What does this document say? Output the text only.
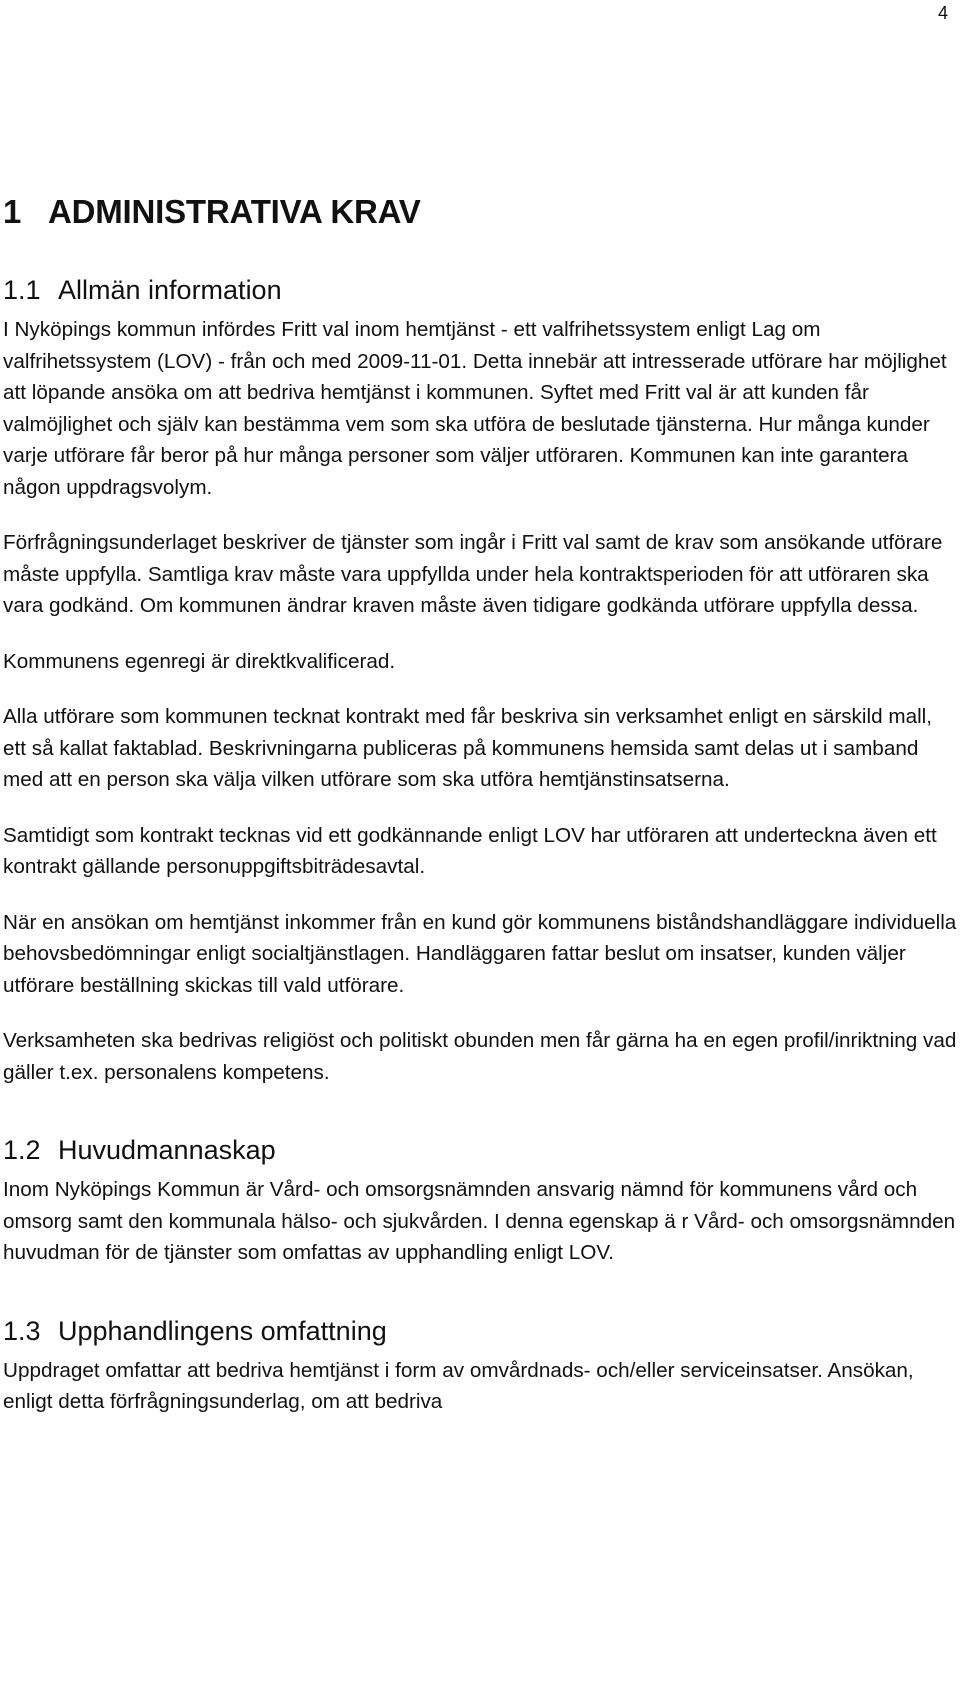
4
1 ADMINISTRATIVA KRAV
1.1 Allmän information

I Nyköpings kommun infördes Fritt val inom hemtjänst - ett valfrihetssystem enligt Lag om valfrihetssystem (LOV) - från och med 2009-11-01. Detta innebär att intresserade utförare har möjlighet att löpande ansöka om att bedriva hemtjänst i kommunen. Syftet med Fritt val är att kunden får valmöjlighet och själv kan bestämma vem som ska utföra de beslutade tjänsterna. Hur många kunder varje utförare får beror på hur många personer som väljer utföraren. Kommunen kan inte garantera någon uppdragsvolym.

Förfrågningsunderlaget beskriver de tjänster som ingår i Fritt val samt de krav som ansökande utförare måste uppfylla. Samtliga krav måste vara uppfyllda under hela kontraktsperioden för att utföraren ska vara godkänd. Om kommunen ändrar kraven måste även tidigare godkända utförare uppfylla dessa.

Kommunens egenregi är direktkvalificerad.

Alla utförare som kommunen tecknat kontrakt med får beskriva sin verksamhet enligt en särskild mall, ett så kallat faktablad. Beskrivningarna publiceras på kommunens hemsida samt delas ut i samband med att en person ska välja vilken utförare som ska utföra hemtjänstinsatserna.

Samtidigt som kontrakt tecknas vid ett godkännande enligt LOV har utföraren att underteckna även ett kontrakt gällande personuppgiftsbiträdesavtal.

När en ansökan om hemtjänst inkommer från en kund gör kommunens biståndshandläggare individuella behovsbedömningar enligt socialtjänstlagen. Handläggaren fattar beslut om insatser, kunden väljer utförare beställning skickas till vald utförare.

Verksamheten ska bedrivas religiöst och politiskt obunden men får gärna ha en egen profil/inriktning vad gäller t.ex. personalens kompetens.

1.2 Huvudmannaskap

Inom Nyköpings Kommun är Vård- och omsorgsnämnden ansvarig nämnd för kommunens vård och omsorg samt den kommunala hälso- och sjukvården. I denna egenskap ä r Vård- och omsorgsnämnden huvudman för de tjänster som omfattas av upphandling enligt LOV.

1.3 Upphandlingens omfattning

Uppdraget omfattar att bedriva hemtjänst i form av omvårdnads- och/eller serviceinsatser. Ansökan, enligt detta förfrågningsunderlag, om att bedriva
